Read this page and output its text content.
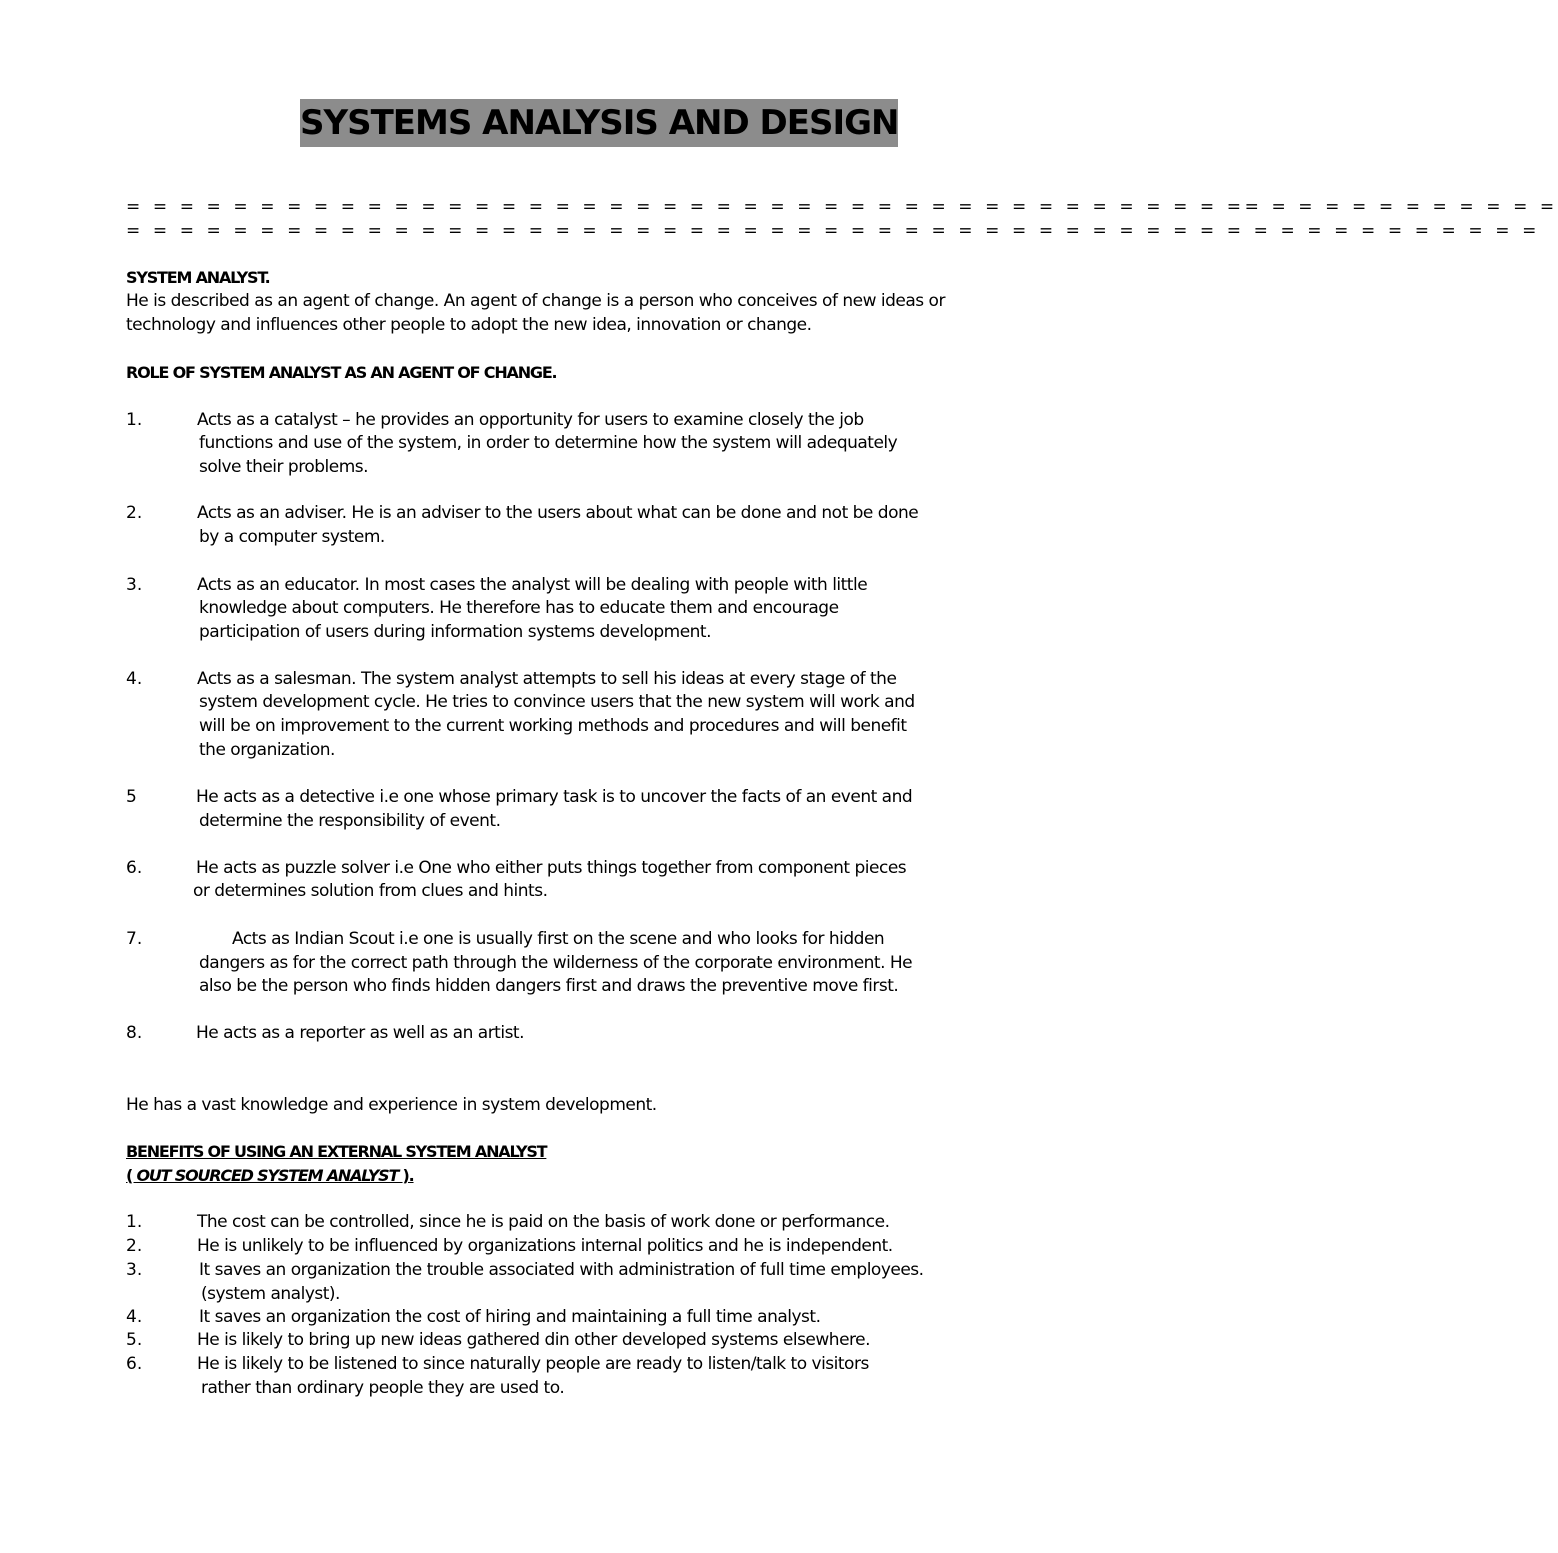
SYSTEMS ANALYSIS AND DESIGN
= = = = = = = = = = = = = = = = = = = = = = = = = = = = = = = = = = = = = = = = = == = = = = = = = = = = =
= = = = = = = = = = = = = = = = = = = = = = = = = = = = = = = = = = = = = = = = = = = = = = = = = = = = =
SYSTEM ANALYST.
He is described as an agent of change. An agent of change is a person who conceives of new ideas or
technology and influences other people to adopt the new idea, innovation or change.
ROLE OF SYSTEM ANALYST AS AN AGENT OF CHANGE.
1.	Acts as a catalyst – he provides an opportunity for users to examine closely the job
functions and use of the system, in order to determine how the system will adequately
solve their problems.
2.	Acts as an adviser. He is an adviser to the users about what can be done and not be done
by a computer system.
3.	Acts as an educator. In most cases the analyst will be dealing with people with little
knowledge about computers. He therefore has to educate them and encourage
participation of users during information systems development.
4.	Acts as a salesman. The system analyst attempts to sell his ideas at every stage of the
system development cycle. He tries to convince users that the new system will work and
will be on improvement to the current working methods and procedures and will benefit
the organization.
5	He acts as a detective i.e one whose primary task is to uncover the facts of an event and
determine the responsibility of event.
6.	He acts as puzzle solver i.e One who either puts things together from component pieces
or determines solution from clues and hints.
7.	Acts as Indian Scout i.e one is usually first on the scene and who looks for hidden
dangers as for the correct path through the wilderness of the corporate environment. He
also be the person who finds hidden dangers first and draws the preventive move first.
8.	He acts as a reporter as well as an artist.
He has a vast knowledge and experience in system development.
BENEFITS OF USING AN EXTERNAL SYSTEM ANALYST
( OUT SOURCED SYSTEM ANALYST ).
1.	The cost can be controlled, since he is paid on the basis of work done or performance.
2.	He is unlikely to be influenced by organizations internal politics and he is independent.
3.	It saves an organization the trouble associated with administration of full time employees.
(system analyst).
4.	It saves an organization the cost of hiring and maintaining a full time analyst.
5.	He is likely to bring up new ideas gathered din other developed systems elsewhere.
6.	He is likely to be listened to since naturally people are ready to listen/talk to visitors
rather than ordinary people they are used to.
